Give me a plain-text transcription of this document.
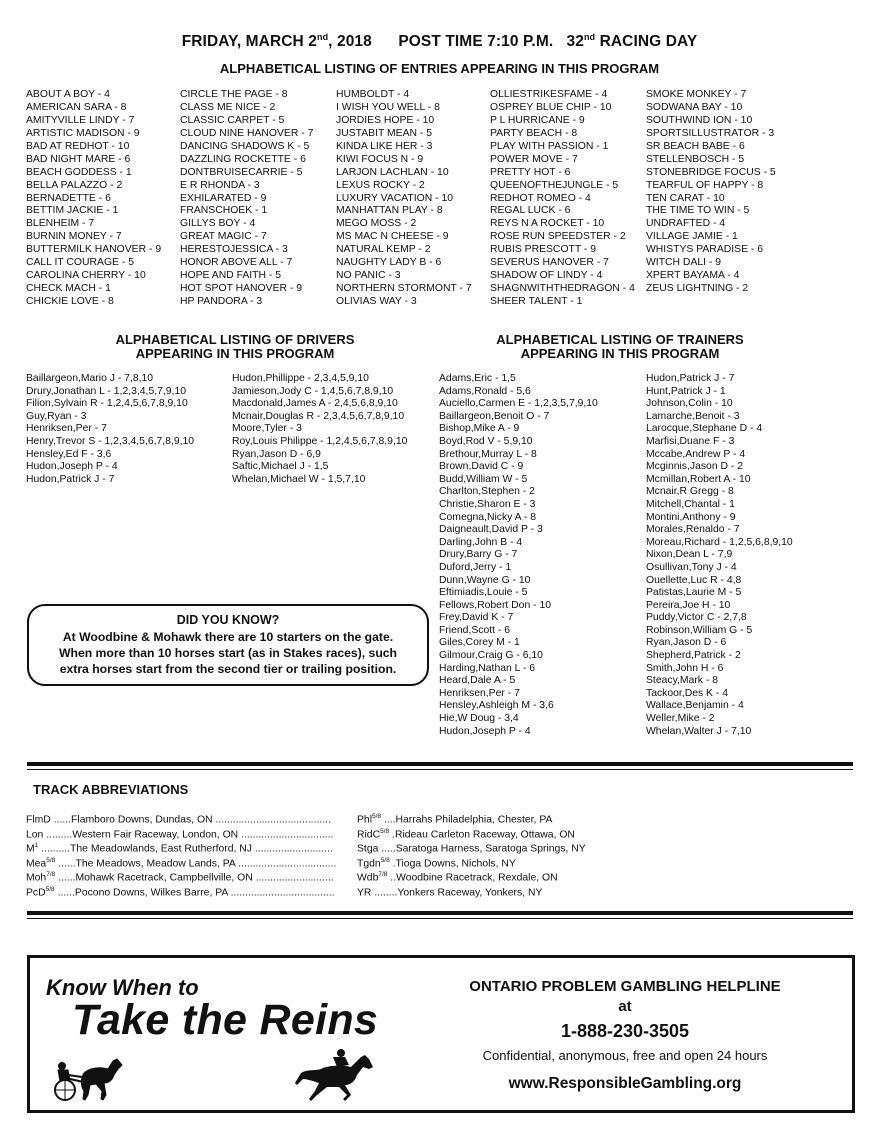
FRIDAY, MARCH 2nd, 2018 POST TIME 7:10 P.M. 32nd RACING DAY
ALPHABETICAL LISTING OF ENTRIES APPEARING IN THIS PROGRAM
ABOUT A BOY - 4
AMERICAN SARA - 8
AMITYVILLE LINDY - 7
ARTISTIC MADISON - 9
BAD AT REDHOT - 10
BAD NIGHT MARE - 6
BEACH GODDESS - 1
BELLA PALAZZO - 2
BERNADETTE - 6
BETTIM JACKIE - 1
BLENHEIM - 7
BURNIN MONEY - 7
BUTTERMILK HANOVER - 9
CALL IT COURAGE - 5
CAROLINA CHERRY - 10
CHECK MACH - 1
CHICKIE LOVE - 8
CIRCLE THE PAGE - 8
CLASS ME NICE - 2
CLASSIC CARPET - 5
CLOUD NINE HANOVER - 7
DANCING SHADOWS K - 5
DAZZLING ROCKETTE - 6
DONTBRUISECARRIE - 5
E R RHONDA - 3
EXHILARATED - 9
FRANSCHOEK - 1
GILLYS BOY - 4
GREAT MAGIC - 7
HERESTOJESSICA - 3
HONOR ABOVE ALL - 7
HOPE AND FAITH - 5
HOT SPOT HANOVER - 9
HP PANDORA - 3
HUMBOLDT - 4
I WISH YOU WELL - 8
JORDIES HOPE - 10
JUSTABIT MEAN - 5
KINDA LIKE HER - 3
KIWI FOCUS N - 9
LARJON LACHLAN - 10
LEXUS ROCKY - 2
LUXURY VACATION - 10
MANHATTAN PLAY - 8
MEGO MOSS - 2
MS MAC N CHEESE - 9
NATURAL KEMP - 2
NAUGHTY LADY B - 6
NO PANIC - 3
NORTHERN STORMONT - 7
OLIVIAS WAY - 3
OLLIESTRIKESFAME - 4
OSPREY BLUE CHIP - 10
P L HURRICANE - 9
PARTY BEACH - 8
PLAY WITH PASSION - 1
POWER MOVE - 7
PRETTY HOT - 6
QUEENOFTHEJUNGLE - 5
REDHOT ROMEO - 4
REGAL LUCK - 6
REYS N A ROCKET - 10
ROSE RUN SPEEDSTER - 2
RUBIS PRESCOTT - 9
SEVERUS HANOVER - 7
SHADOW OF LINDY - 4
SHAGNWITHTHEDRAGON - 4
SHEER TALENT - 1
SMOKE MONKEY - 7
SODWANA BAY - 10
SOUTHWIND ION - 10
SPORTSILLUSTRATOR - 3
SR BEACH BABE - 6
STELLENBOSCH - 5
STONEBRIDGE FOCUS - 5
TEARFUL OF HAPPY - 8
TEN CARAT - 10
THE TIME TO WIN - 5
UNDRAFTED - 4
VILLAGE JAMIE - 1
WHISTYS PARADISE - 6
WITCH DALI - 9
XPERT BAYAMA - 4
ZEUS LIGHTNING - 2
ALPHABETICAL LISTING OF DRIVERS
APPEARING IN THIS PROGRAM
Baillargeon,Mario J - 7,8,10
Drury,Jonathan L - 1,2,3,4,5,7,9,10
Filion,Sylvain R - 1,2,4,5,6,7,8,9,10
Guy,Ryan - 3
Henriksen,Per - 7
Henry,Trevor S - 1,2,3,4,5,6,7,8,9,10
Hensley,Ed F - 3,6
Hudon,Joseph P - 4
Hudon,Patrick J - 7
Hudon,Phillippe - 2,3,4,5,9,10
Jamieson,Jody C - 1,4,5,6,7,8,9,10
Macdonald,James A - 2,4,5,6,8,9,10
Mcnair,Douglas R - 2,3,4,5,6,7,8,9,10
Moore,Tyler - 3
Roy,Louis Philippe - 1,2,4,5,6,7,8,9,10
Ryan,Jason D - 6,9
Saftic,Michael J - 1,5
Whelan,Michael W - 1,5,7,10
ALPHABETICAL LISTING OF TRAINERS
APPEARING IN THIS PROGRAM
Adams,Eric - 1,5
Adams,Ronald - 5,6
Auciello,Carmen E - 1,2,3,5,7,9,10
Baillargeon,Benoit O - 7
Bishop,Mike A - 9
Boyd,Rod V - 5,9,10
Brethour,Murray L - 8
Brown,David C - 9
Budd,William W - 5
Charlton,Stephen - 2
Christie,Sharon E - 3
Comegna,Nicky A - 8
Daigneault,David P - 3
Darling,John B - 4
Drury,Barry G - 7
Duford,Jerry - 1
Dunn,Wayne G - 10
Eftimiadis,Louie - 5
Fellows,Robert Don - 10
Frey,David K - 7
Friend,Scott - 6
Giles,Corey M - 1
Gilmour,Craig G - 6,10
Harding,Nathan L - 6
Heard,Dale A - 5
Henriksen,Per - 7
Hensley,Ashleigh M - 3,6
Hie,W Doug - 3,4
Hudon,Joseph P - 4
Hudon,Patrick J - 7
Hunt,Patrick J - 1
Johnson,Colin - 10
Lamarche,Benoit - 3
Larocque,Stephane D - 4
Marfisi,Duane F - 3
Mccabe,Andrew P - 4
Mcginnis,Jason D - 2
Mcmillan,Robert A - 10
Mcnair,R Gregg - 8
Mitchell,Chantal - 1
Montini,Anthony - 9
Morales,Renaldo - 7
Moreau,Richard - 1,2,5,6,8,9,10
Nixon,Dean L - 7,9
Osullivan,Tony J - 4
Ouellette,Luc R - 4,8
Patistas,Laurie M - 5
Pereira,Joe H - 10
Puddy,Victor C - 2,7,8
Robinson,William G - 5
Ryan,Jason D - 6
Shepherd,Patrick - 2
Smith,John H - 6
Steacy,Mark - 8
Tackoor,Des K - 4
Wallace,Benjamin - 4
Weller,Mike - 2
Whelan,Walter J - 7,10
DID YOU KNOW?
At Woodbine & Mohawk there are 10 starters on the gate.
When more than 10 horses start (as in Stakes races), such
extra horses start from the second tier or trailing position.
TRACK ABBREVIATIONS
FlmD ......Flamboro Downs, Dundas, ON ........................................
Lon .........Western Fair Raceway, London, ON ................................
$M^1$ ..........The Meadowlands, East Rutherford, NJ ...........................
Mea$^{5/8}$ ......The Meadows, Meadow Lands, PA ..................................
Moh$^{7/8}$ ......Mohawk Racetrack, Campbellville, ON ...........................
PcD$^{5/8}$ ......Pocono Downs, Wilkes Barre, PA ....................................
Phl$^{5/8}$ ....Harrahs Philadelphia, Chester, PA
RidC$^{5/8}$ .Rideau Carleton Raceway, Ottawa, ON
Stga .....Saratoga Harness, Saratoga Springs, NY
Tgdn$^{5/8}$ .Tioga Downs, Nichols, NY
Wdb$^{7/8}$ ..Woodbine Racetrack, Rexdale, ON
YR ........Yonkers Raceway, Yonkers, NY
Know When to
Take the Reins
ONTARIO PROBLEM GAMBLING HELPLINE
at
1-888-230-3505
Confidential, anonymous, free and open 24 hours
www.ResponsibleGambling.org
